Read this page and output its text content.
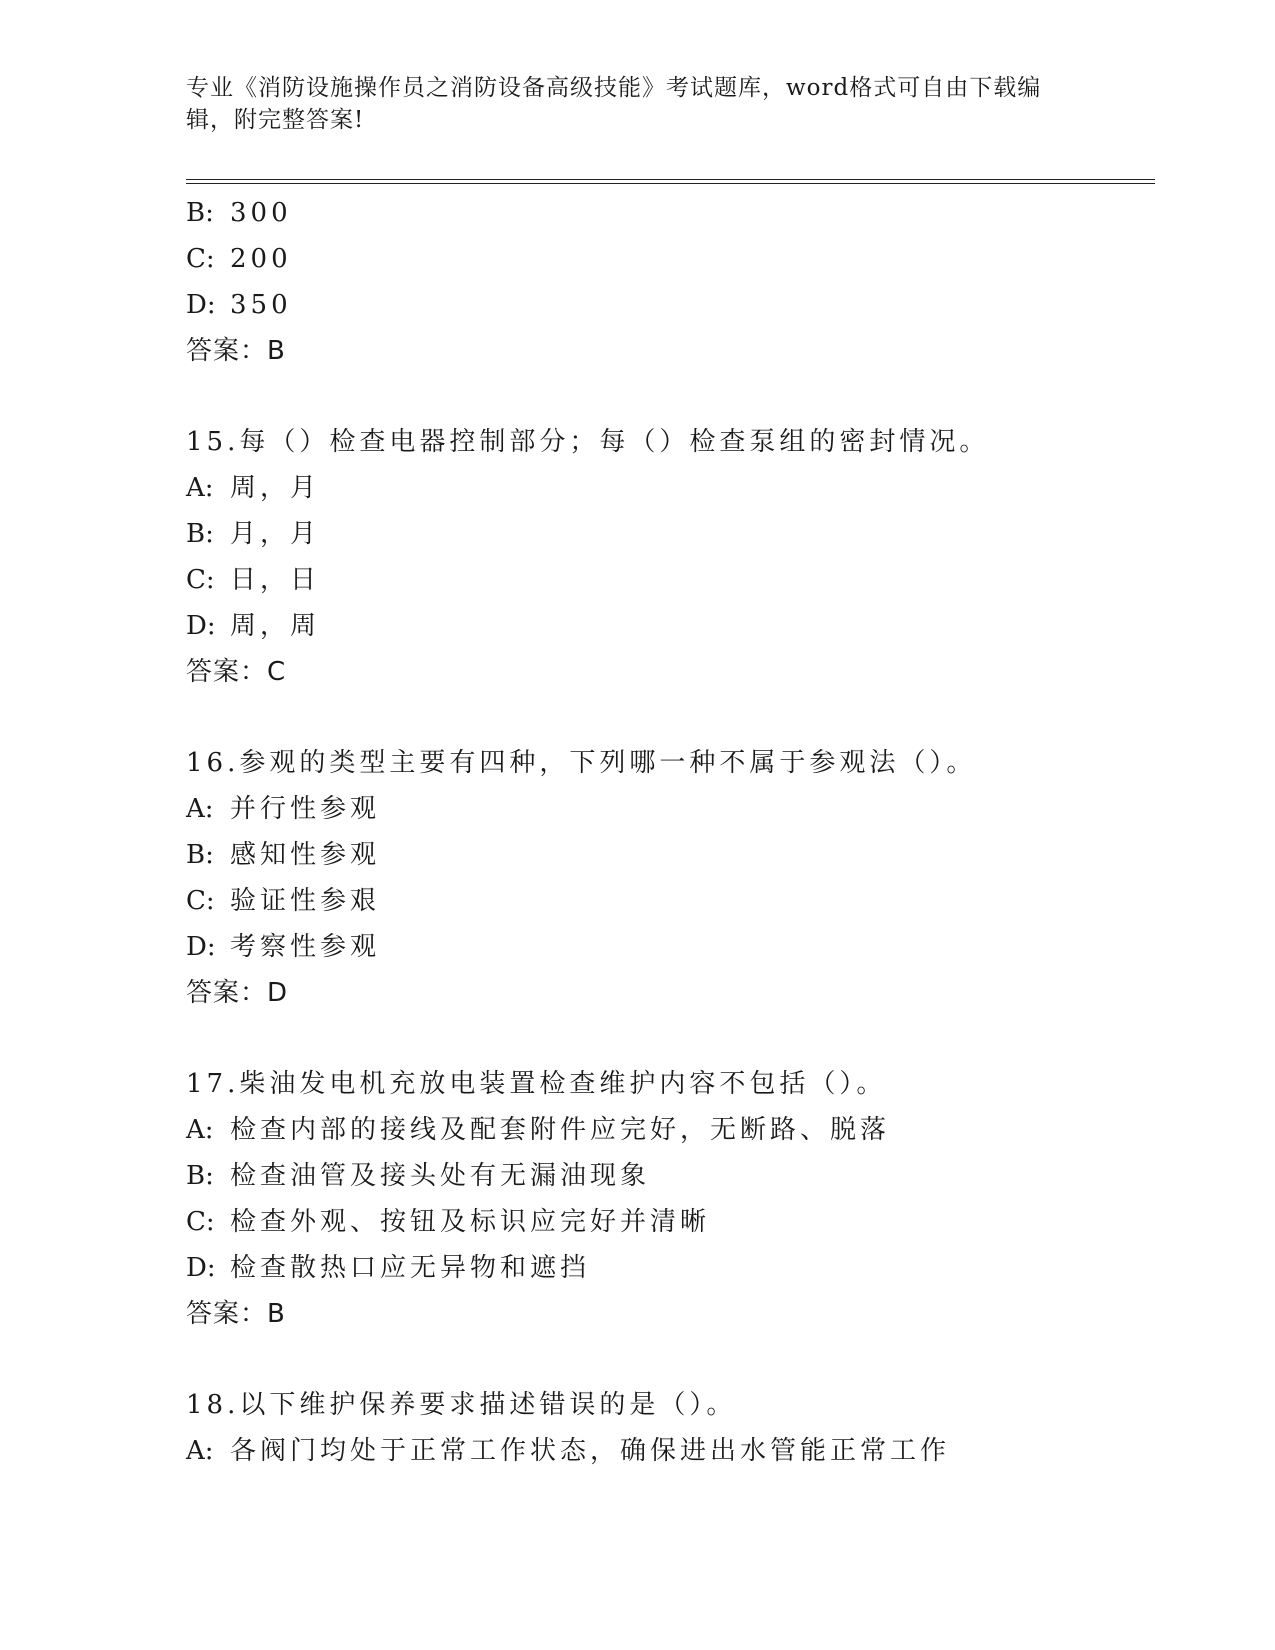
专业《消防设施操作员之消防设备高级技能》考试题库，word格式可自由下载编
辑，附完整答案!
B: 300
C: 200
D: 350
答案：B
15.每（）检查电器控制部分；每（）检查泵组的密封情况。
A: 周，月
B: 月，月
C: 日，日
D: 周，周
答案：C
16.参观的类型主要有四种，下列哪一种不属于参观法（）。
A: 并行性参观
B: 感知性参观
C: 验证性参艰
D: 考察性参观
答案：D
17.柴油发电机充放电装置检查维护内容不包括（）。
A: 检查内部的接线及配套附件应完好，无断路、脱落
B: 检查油管及接头处有无漏油现象
C: 检查外观、按钮及标识应完好并清晰
D: 检查散热口应无异物和遮挡
答案：B
18.以下维护保养要求描述错误的是（）。
A: 各阀门均处于正常工作状态，确保进出水管能正常工作
